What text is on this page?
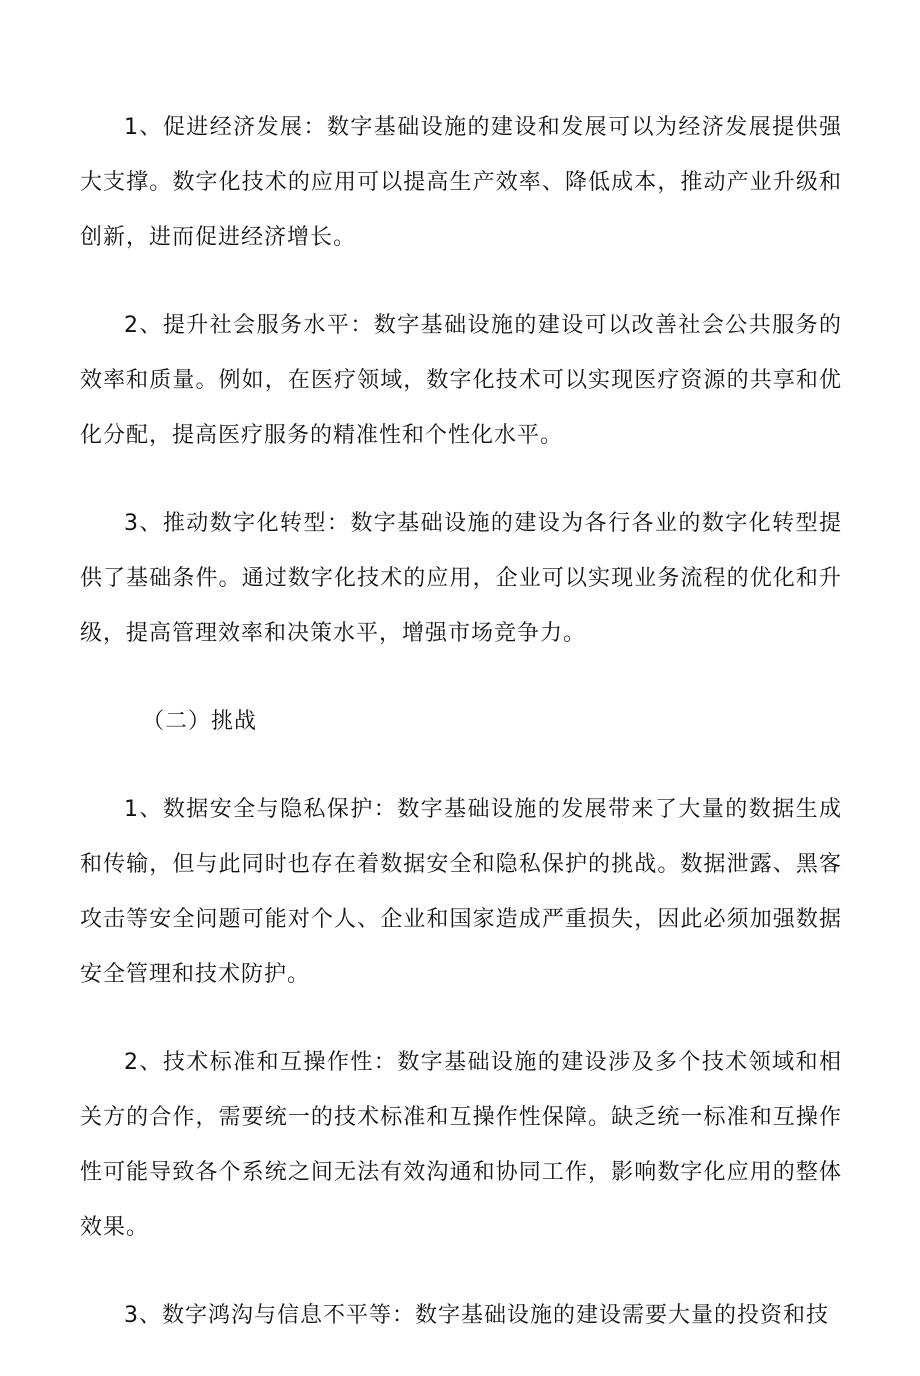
1、促进经济发展：数字基础设施的建设和发展可以为经济发展提供强大支撑。数字化技术的应用可以提高生产效率、降低成本，推动产业升级和创新，进而促进经济增长。

2、提升社会服务水平：数字基础设施的建设可以改善社会公共服务的效率和质量。例如，在医疗领域，数字化技术可以实现医疗资源的共享和优化分配，提高医疗服务的精准性和个性化水平。

3、推动数字化转型：数字基础设施的建设为各行各业的数字化转型提供了基础条件。通过数字化技术的应用，企业可以实现业务流程的优化和升级，提高管理效率和决策水平，增强市场竞争力。

（二）挑战

1、数据安全与隐私保护：数字基础设施的发展带来了大量的数据生成和传输，但与此同时也存在着数据安全和隐私保护的挑战。数据泄露、黑客攻击等安全问题可能对个人、企业和国家造成严重损失，因此必须加强数据安全管理和技术防护。

2、技术标准和互操作性：数字基础设施的建设涉及多个技术领域和相关方的合作，需要统一的技术标准和互操作性保障。缺乏统一标准和互操作性可能导致各个系统之间无法有效沟通和协同工作，影响数字化应用的整体效果。

3、数字鸿沟与信息不平等：数字基础设施的建设需要大量的投资和技
